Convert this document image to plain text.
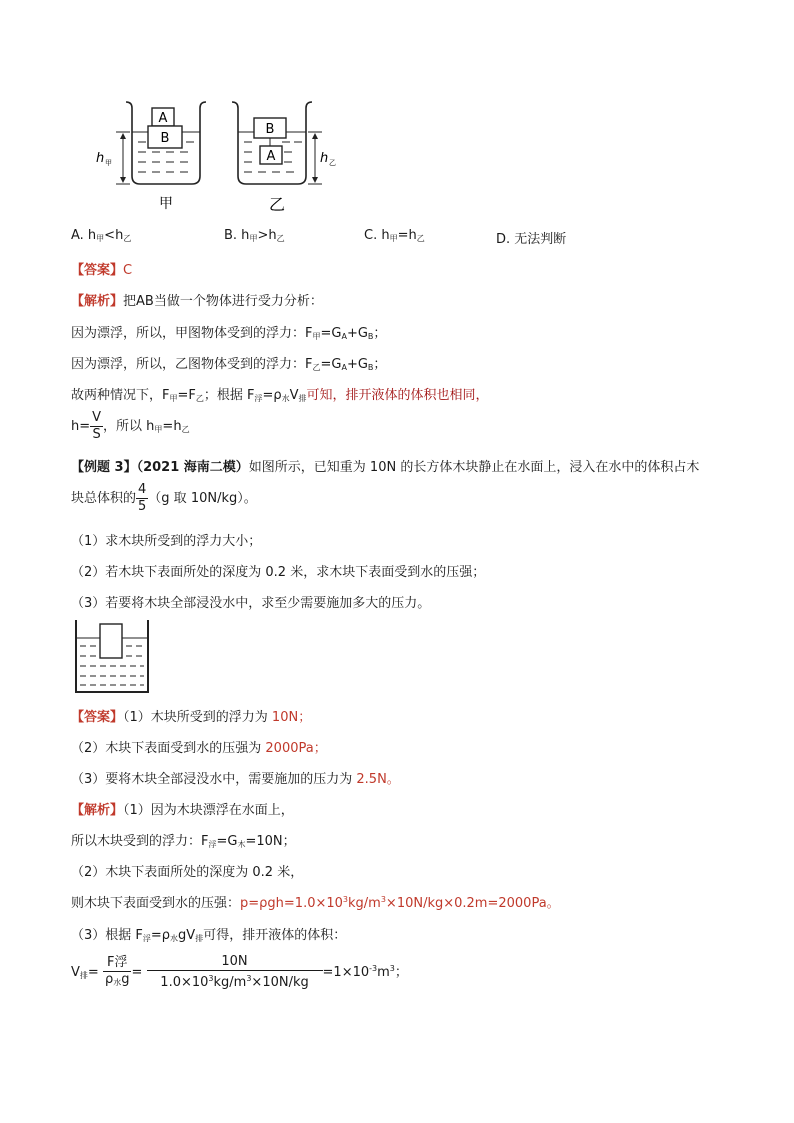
A
B
h 甲
甲
B
A	h 乙
乙
A. $h_甲<h_乙$	B. $h_甲>h_乙$	C. $h_甲=h_乙$	D. 无法判断
【答案】C
【解析】把AB当做一个物体进行受力分析：
因为漂浮，所以，甲图物体受到的浮力：$F_甲=G_A+G_B$；
因为漂浮，所以，乙图物体受到的浮力：$F_乙=G_A+G_B$；
故两种情况下，$F_甲=F_乙$；根据 $F_浮=\rho_水V_排$可知，排开液体的体积也相同，
$h= \frac{V}{S}$ ，所以 $h_甲=h_乙$
【例题 3】（2021 海南二模）如图所示，已知重为 10N 的长方体木块静止在水面上，浸入在水中的体积占木
块总体积的 $\frac{4}{5} (g$ 取 10N/kg）。
（1）求木块所受到的浮力大小；
（2）若木块下表面所处的深度为 0.2 米，求木块下表面受到水的压强；
（3）若要将木块全部浸没水中，求至少需要施加多大的压力。
【答案】（1）木块所受到的浮力为 10N；
（2）木块下表面受到水的压强为 2000Pa；
（3）要将木块全部浸没水中，需要施加的压力为 2.5N。
【解析】（1）因为木块漂浮在水面上，
所以木块受到的浮力：$F_浮=G_木=10N$；
（2）木块下表面所处的深度为 0.2 米，
则木块下表面受到水的压强：$p=\rho gh=1.0\times 10^3kg/m^3\times 10N/kg\times 0.2m=2000Pa$。
（3）根据 $F_浮=\rho_水gV_排$可得，排开液体的体积：
$V_排= \frac{\text{F浮}}{\rho_水g} = \frac{10N}{1.0\times 10^3kg/m^3\times 10N/kg} =1\times 10^{-3}m^3$；
